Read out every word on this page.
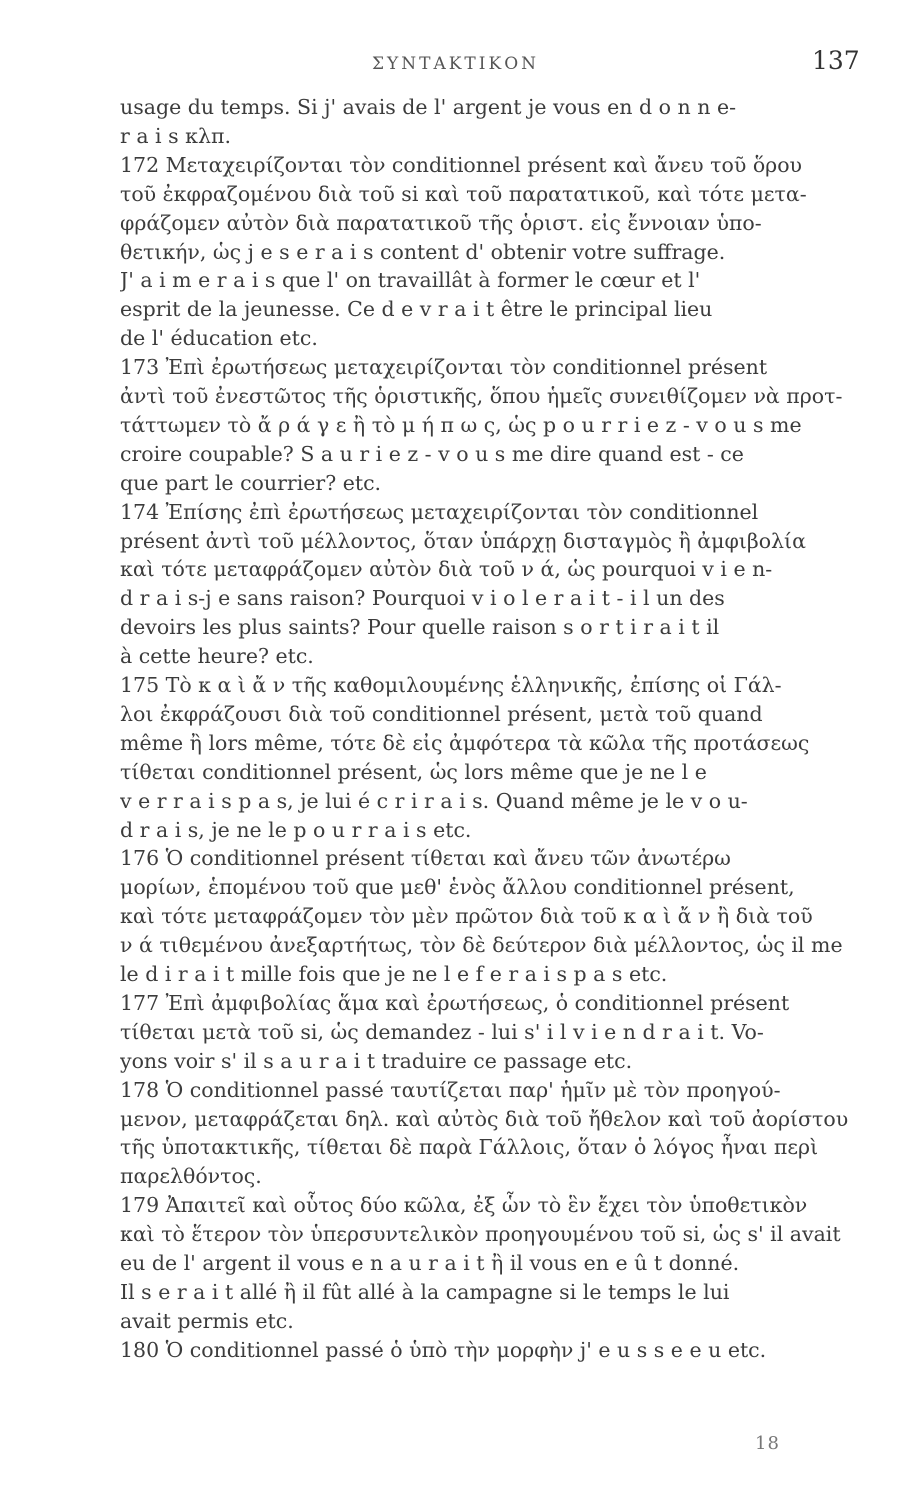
ΣΥΝΤΑΚΤΙΚΟΝ	137
usage du temps. Si j' avais de l' argent je vous en d o n n e-
r a i s κλπ.
172 Μεταχειρίζονται τὸν conditionnel présent καὶ ἄνευ τοῦ ὅρου
τοῦ ἐκφραζομένου διὰ τοῦ si καὶ τοῦ παρατατικοῦ, καὶ τότε μετα-
φράζομεν αὐτὸν διὰ παρατατικοῦ τῆς ὁριστ. εἰς ἔννοιαν ὑπο-
θετικήν, ὡς j e s e r a i s content d' obtenir votre suffrage.
J' a i m e r a i s que l' on travaillât à former le cœur et l'
esprit de la jeunesse. Ce d e v r a i t être le principal lieu
de l' éducation etc.
173 Ἐπὶ ἐρωτήσεως μεταχειρίζονται τὸν conditionnel présent
ἀντὶ τοῦ ἐνεστῶτος τῆς ὁριστικῆς, ὅπου ἡμεῖς συνειθίζομεν νὰ προτ-
τάττωμεν τὸ ἄ ρ ά γ ε ἢ τὸ μ ή π ω ς, ὡς p o u r r i e z - v o u s me
croire coupable? S a u r i e z - v o u s me dire quand est - ce
que part le courrier? etc.
174 Ἐπίσης ἐπὶ ἐρωτήσεως μεταχειρίζονται τὸν conditionnel
présent ἀντὶ τοῦ μέλλοντος, ὅταν ὑπάρχῃ δισταγμὸς ἢ ἀμφιβολία
καὶ τότε μεταφράζομεν αὐτὸν διὰ τοῦ ν ά, ὡς pourquoi v i e n-
d r a i s-j e sans raison? Pourquoi v i o l e r a i t - i l un des
devoirs les plus saints? Pour quelle raison s o r t i r a i t il
à cette heure? etc.
175 Τὸ κ α ὶ ἄ ν τῆς καθομιλουμένης ἑλληνικῆς, ἐπίσης οἱ Γάλ-
λοι ἐκφράζουσι διὰ τοῦ conditionnel présent, μετὰ τοῦ quand
même ἢ lors même, τότε δὲ εἰς ἀμφότερα τὰ κῶλα τῆς προτάσεως
τίθεται conditionnel présent, ὡς lors même que je ne l e
v e r r a i s p a s, je lui é c r i r a i s. Quand même je le v o u-
d r a i s, je ne le p o u r r a i s etc.
176 Ὁ conditionnel présent τίθεται καὶ ἄνευ τῶν ἀνωτέρω
μορίων, ἑπομένου τοῦ que μεθ' ἑνὸς ἄλλου conditionnel présent,
καὶ τότε μεταφράζομεν τὸν μὲν πρῶτον διὰ τοῦ κ α ὶ ἄ ν ἢ διὰ τοῦ
ν ά τιθεμένου ἀνεξαρτήτως, τὸν δὲ δεύτερον διὰ μέλλοντος, ὡς il me
le d i r a i t mille fois que je ne l e f e r a i s p a s etc.
177 Ἐπὶ ἀμφιβολίας ἅμα καὶ ἐρωτήσεως, ὁ conditionnel présent
τίθεται μετὰ τοῦ si, ὡς demandez - lui s' i l v i e n d r a i t. Vo-
yons voir s' il s a u r a i t traduire ce passage etc.
178 Ὁ conditionnel passé ταυτίζεται παρ' ἡμῖν μὲ τὸν προηγού-
μενον, μεταφράζεται δηλ. καὶ αὐτὸς διὰ τοῦ ἤθελον καὶ τοῦ ἀορίστου
τῆς ὑποτακτικῆς, τίθεται δὲ παρὰ Γάλλοις, ὅταν ὁ λόγος ἦναι περὶ
παρελθόντος.
179 Ἀπαιτεῖ καὶ οὗτος δύο κῶλα, ἐξ ὧν τὸ ἓν ἔχει τὸν ὑποθετικὸν
καὶ τὸ ἕτερον τὸν ὑπερσυντελικὸν προηγουμένου τοῦ si, ὡς s' il avait
eu de l' argent il vous e n a u r a i t ἢ il vous en e û t donné.
Il s e r a i t allé ἢ il fût allé à la campagne si le temps le lui
avait permis etc.
180 Ὁ conditionnel passé ὁ ὑπὸ τὴν μορφὴν j' e u s s e e u etc.
18
